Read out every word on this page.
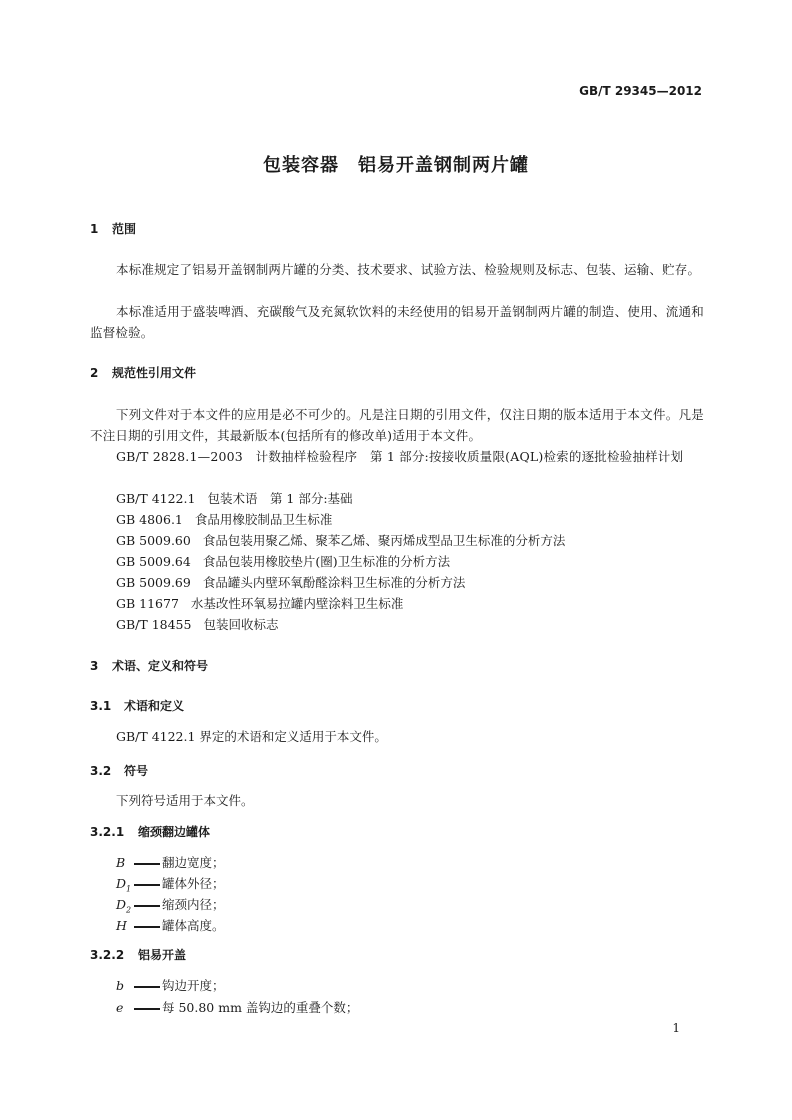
GB/T 29345—2012
包装容器　铝易开盖钢制两片罐
1 范围
本标准规定了铝易开盖钢制两片罐的分类、技术要求、试验方法、检验规则及标志、包装、运输、贮存。
本标准适用于盛装啤酒、充碳酸气及充氮软饮料的未经使用的铝易开盖钢制两片罐的制造、使用、流通和监督检验。
2 规范性引用文件
下列文件对于本文件的应用是必不可少的。凡是注日期的引用文件，仅注日期的版本适用于本文件。凡是不注日期的引用文件，其最新版本(包括所有的修改单)适用于本文件。
GB/T 2828.1—2003　计数抽样检验程序　第 1 部分:按接收质量限(AQL)检索的逐批检验抽样计划
GB/T 4122.1 包装术语　第 1 部分:基础
GB 4806.1 食品用橡胶制品卫生标准
GB 5009.60 食品包装用聚乙烯、聚苯乙烯、聚丙烯成型品卫生标准的分析方法
GB 5009.64 食品包装用橡胶垫片(圈)卫生标准的分析方法
GB 5009.69 食品罐头内壁环氧酚醛涂料卫生标准的分析方法
GB 11677 水基改性环氧易拉罐内壁涂料卫生标准
GB/T 18455 包装回收标志
3 术语、定义和符号
3.1 术语和定义
GB/T 4122.1 界定的术语和定义适用于本文件。
3.2 符号
下列符号适用于本文件。
3.2.1 缩颈翻边罐体
B	翻边宽度；
$D_1$ 罐体外径；
$D_2$ 缩颈内径；
H	罐体高度。
3.2.2 铝易开盖
b	钩边开度；
e	每 50.80 mm 盖钩边的重叠个数；
1
